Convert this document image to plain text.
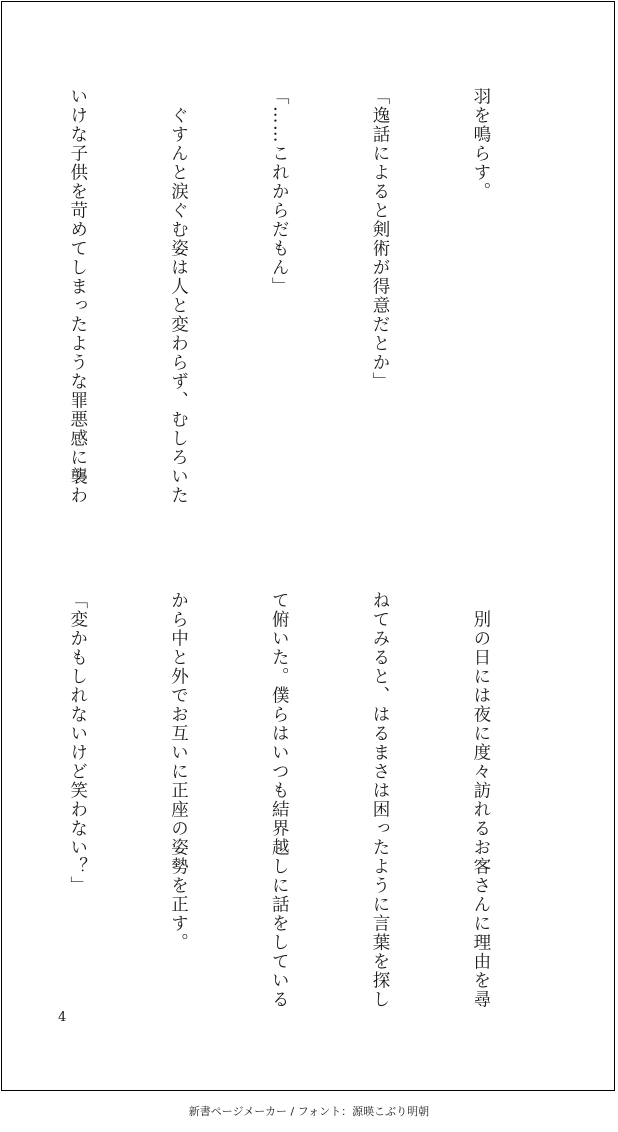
羽を鳴らす。

「逸話によると剣術が得意だとか」

「……これからだもん」

　ぐすんと涙ぐむ姿は人と変わらず、むしろいた

いけな子供を苛めてしまったような罪悪感に襲わ

　別の日には夜に度々訪れるお客さんに理由を尋

ねてみると、はるまさは困ったように言葉を探し

て俯いた。僕らはいつも結界越しに話をしている

から中と外でお互いに正座の姿勢を正す。

「変かもしれないけど笑わない？」

4
新書ページメーカー / フォント：源暎こぶり明朝
